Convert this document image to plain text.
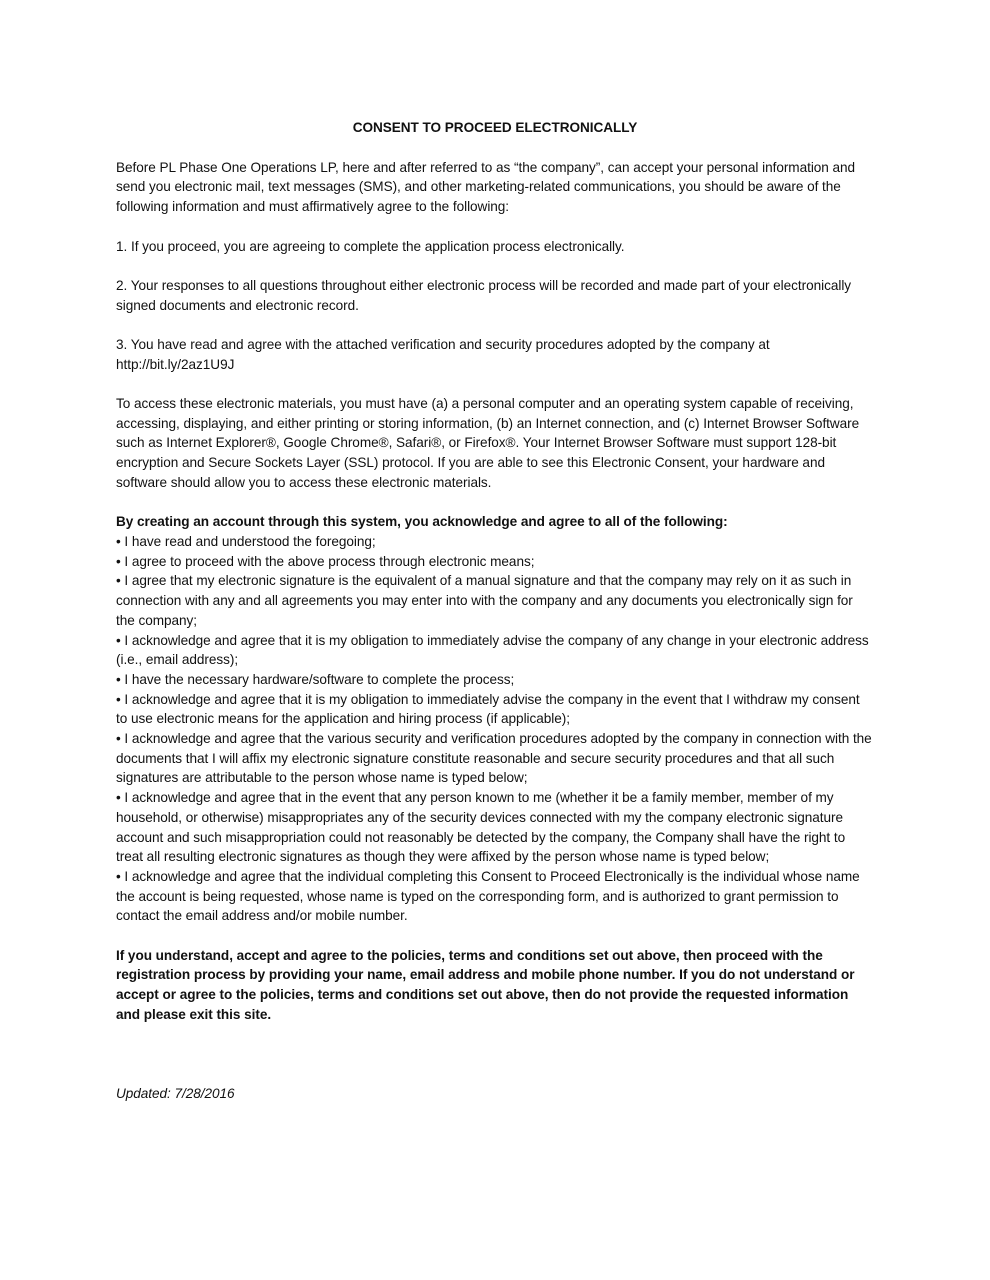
CONSENT TO PROCEED ELECTRONICALLY

Before PL Phase One Operations LP, here and after referred to as “the company”, can accept your personal information and send you electronic mail, text messages (SMS), and other marketing-related communications, you should be aware of the following information and must affirmatively agree to the following:

1. If you proceed, you are agreeing to complete the application process electronically.

2. Your responses to all questions throughout either electronic process will be recorded and made part of your electronically signed documents and electronic record.

3. You have read and agree with the attached verification and security procedures adopted by the company at http://bit.ly/2az1U9J

To access these electronic materials, you must have (a) a personal computer and an operating system capable of receiving, accessing, displaying, and either printing or storing information, (b) an Internet connection, and (c) Internet Browser Software such as Internet Explorer®, Google Chrome®, Safari®, or Firefox®. Your Internet Browser Software must support 128-bit encryption and Secure Sockets Layer (SSL) protocol. If you are able to see this Electronic Consent, your hardware and software should allow you to access these electronic materials.

By creating an account through this system, you acknowledge and agree to all of the following:
• I have read and understood the foregoing;
• I agree to proceed with the above process through electronic means;
• I agree that my electronic signature is the equivalent of a manual signature and that the company may rely on it as such in connection with any and all agreements you may enter into with the company and any documents you electronically sign for the company;
• I acknowledge and agree that it is my obligation to immediately advise the company of any change in your electronic address (i.e., email address);
• I have the necessary hardware/software to complete the process;
• I acknowledge and agree that it is my obligation to immediately advise the company in the event that I withdraw my consent to use electronic means for the application and hiring process (if applicable);
• I acknowledge and agree that the various security and verification procedures adopted by the company in connection with the documents that I will affix my electronic signature constitute reasonable and secure security procedures and that all such signatures are attributable to the person whose name is typed below;
• I acknowledge and agree that in the event that any person known to me (whether it be a family member, member of my household, or otherwise) misappropriates any of the security devices connected with my the company electronic signature account and such misappropriation could not reasonably be detected by the company, the Company shall have the right to treat all resulting electronic signatures as though they were affixed by the person whose name is typed below;
• I acknowledge and agree that the individual completing this Consent to Proceed Electronically is the individual whose name the account is being requested, whose name is typed on the corresponding form, and is authorized to grant permission to contact the email address and/or mobile number.

If you understand, accept and agree to the policies, terms and conditions set out above, then proceed with the registration process by providing your name, email address and mobile phone number. If you do not understand or accept or agree to the policies, terms and conditions set out above, then do not provide the requested information and please exit this site.

Updated: 7/28/2016
